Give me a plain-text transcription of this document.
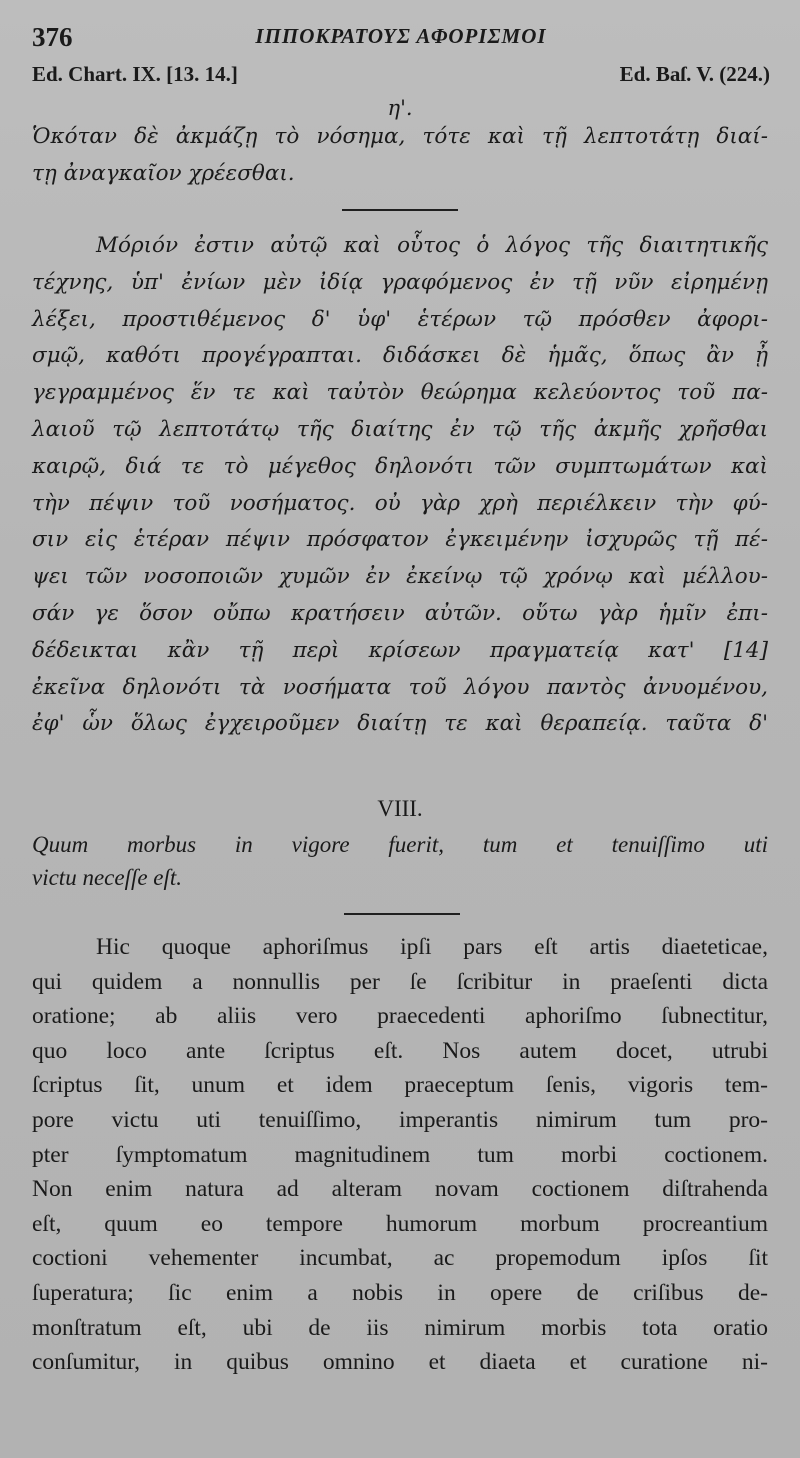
376	ΙΠΠΟΚΡΑΤΟΥΣ ΑΦΟΡΙΣΜΟΙ
Ed. Chart. IX. [13. 14.]	Ed. Baſ. V. (224.)
η'.
Ὁκόταν δὲ ἀκμάζῃ τὸ νόσημα, τότε καὶ τῇ λεπτοτάτῃ διαί-
τῃ ἀναγκαῖον χρέεσθαι.
Μόριόν ἐστιν αὐτῷ καὶ οὗτος ὁ λόγος τῆς διαιτητικῆς
τέχνης, ὑπ' ἐνίων μὲν ἰδίᾳ γραφόμενος ἐν τῇ νῦν εἰρημένῃ
λέξει, προστιθέμενος δ' ὑφ' ἑτέρων τῷ πρόσθεν ἀφορι-
σμῷ, καθότι προγέγραπται. διδάσκει δὲ ἡμᾶς, ὅπως ἂν ᾖ
γεγραμμένος ἕν τε καὶ ταὐτὸν θεώρημα κελεύοντος τοῦ πα-
λαιοῦ τῷ λεπτοτάτῳ τῆς διαίτης ἐν τῷ τῆς ἀκμῆς χρῆσθαι
καιρῷ, διά τε τὸ μέγεθος δηλονότι τῶν συμπτωμάτων καὶ
τὴν πέψιν τοῦ νοσήματος. οὐ γὰρ χρὴ περιέλκειν τὴν φύ-
σιν εἰς ἑτέραν πέψιν πρόσφατον ἐγκειμένην ἰσχυρῶς τῇ πέ-
ψει τῶν νοσοποιῶν χυμῶν ἐν ἐκείνῳ τῷ χρόνῳ καὶ μέλλου-
σάν γε ὅσον οὔπω κρατήσειν αὐτῶν. οὕτω γὰρ ἡμῖν ἐπι-
δέδεικται κἂν τῇ περὶ κρίσεων πραγματείᾳ κατ' [14]
ἐκεῖνα δηλονότι τὰ νοσήματα τοῦ λόγου παντὸς ἀνυομένου,
ἐφ' ὧν ὅλως ἐγχειροῦμεν διαίτῃ τε καὶ θεραπείᾳ. ταῦτα δ'
VIII.
Quum morbus in vigore fuerit, tum et tenuiſſimo uti
victu neceſſe eſt.
Hic quoque aphoriſmus ipſi pars eſt artis diaeteticae,
qui quidem a nonnullis per ſe ſcribitur in praeſenti dicta
oratione; ab aliis vero praecedenti aphoriſmo ſubnectitur,
quo loco ante ſcriptus eſt. Nos autem docet, utrubi
ſcriptus ſit, unum et idem praeceptum ſenis, vigoris tem-
pore victu uti tenuiſſimo, imperantis nimirum tum pro-
pter ſymptomatum magnitudinem tum morbi coctionem.
Non enim natura ad alteram novam coctionem diſtrahenda
eſt, quum eo tempore humorum morbum procreantium
coctioni vehementer incumbat, ac propemodum ipſos ſit
ſuperatura; ſic enim a nobis in opere de criſibus de-
monſtratum eſt, ubi de iis nimirum morbis tota oratio
conſumitur, in quibus omnino et diaeta et curatione ni-
